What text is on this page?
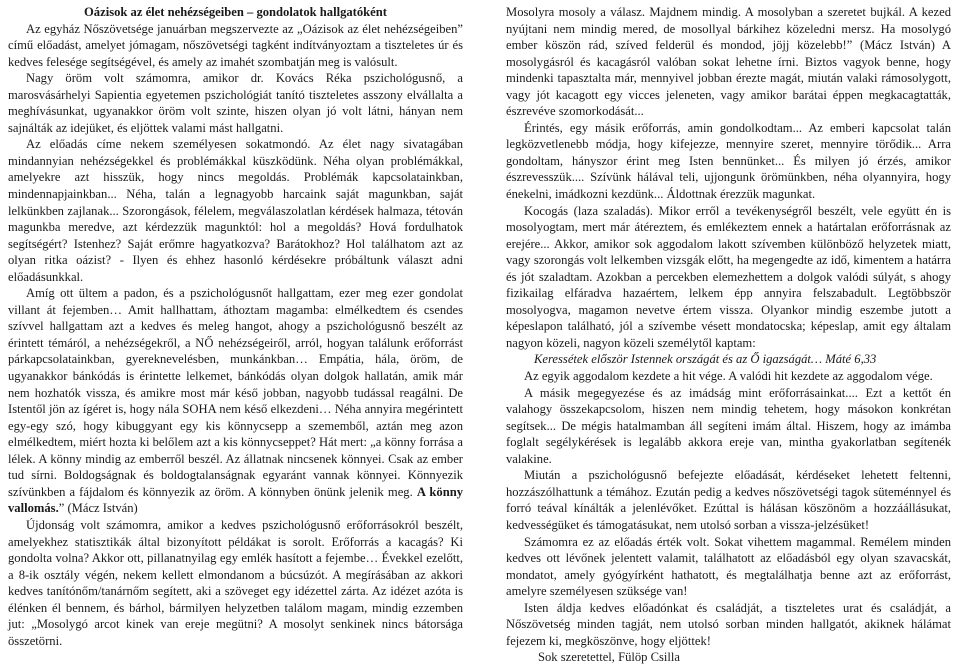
Oázisok az élet nehézségeiben – gondolatok hallgatóként

Az egyház Nőszövetsége januárban megszervezte az „Oázisok az élet nehézségeiben” című előadást, amelyet jómagam, nőszövetségi tagként indítványoztam a tiszteletes úr és kedves felesége segítségével, és amely az imahét szombatján meg is valósult.

Nagy öröm volt számomra, amikor dr. Kovács Réka pszichológusnő, a marosvásárhelyi Sapientia egyetemen pszichológiát tanító tiszteletes asszony elvállalta a meghívásunkat, ugyanakkor öröm volt szinte, hiszen olyan jó volt látni, hányan nem sajnálták az idejüket, és eljöttek valami mást hallgatni.

Az előadás címe nekem személyesen sokatmondó. Az élet nagy sivatagában mindannyian nehézségekkel és problémákkal küszködünk. Néha olyan problémákkal, amelyekre azt hisszük, hogy nincs megoldás. Problémák kapcsolatainkban, mindennapjainkban... Néha, talán a legnagyobb harcaink saját magunkban, saját lelkünkben zajlanak... Szorongások, félelem, megválaszolatlan kérdések halmaza, tétován magunkba meredve, azt kérdezzük magunktól: hol a megoldás? Hová fordulhatok segítségért? Istenhez? Saját erőmre hagyatkozva? Barátokhoz? Hol találhatom azt az olyan ritka oázist? - Ilyen és ehhez hasonló kérdésekre próbáltunk választ adni előadásunkkal.

Amíg ott ültem a padon, és a pszichológusnőt hallgattam, ezer meg ezer gondolat villant át fejemben… Amit hallhattam, áthoztam magamba: elmélkedtem és csendes szívvel hallgattam azt a kedves és meleg hangot, ahogy a pszichológusnő beszélt az érintett témáról, a nehézségekről, a NŐ nehézségeiről, arról, hogyan találunk erőforrást párkapcsolatainkban, gyereknevelésben, munkánkban… Empátia, hála, öröm, de ugyanakkor bánkódás is érintette lelkemet, bánkódás olyan dolgok hallatán, amik már nem hozhatók vissza, és amikre most már késő jobban, nagyobb tudással reagálni. De Istentől jön az ígéret is, hogy nála SOHA nem késő elkezdeni… Néha annyira megérintett egy-egy szó, hogy kibuggyant egy kis könnycsepp a szememből, aztán meg azon elmélkedtem, miért hozta ki belőlem azt a kis könnycseppet? Hát mert: „a könny forrása a lélek. A könny mindig az emberről beszél. Az állatnak nincsenek könnyei. Csak az ember tud sírni. Boldogságnak és boldogtalanságnak egyaránt vannak könnyei. Könnyezik szívünkben a fájdalom és könnyezik az öröm. A könnyben önünk jelenik meg. A könny vallomás.” (Mácz István)

Újdonság volt számomra, amikor a kedves pszichológusnő erőforrásokról beszélt, amelyekhez statisztikák által bizonyított példákat is sorolt. Erőforrás a kacagás? Ki gondolta volna? Akkor ott, pillanatnyilag egy emlék hasított a fejembe… Évekkel ezelőtt, a 8-ik osztály végén, nekem kellett elmondanom a búcsúzót. A megírásában az akkori kedves tanítónőm/tanárnőm segített, aki a szöveget egy idézettel zárta. Az idézet azóta is élénken él bennem, és bárhol, bármilyen helyzetben találom magam, mindig ezzemben jut: „Mosolygó arcot kinek van ereje megütni? A mosolyt senkinek nincs bátorsága összetörni.

Mosolyra mosoly a válasz. Majdnem mindig. A mosolyban a szeretet bujkál. A kezed nyújtani nem mindig mered, de mosollyal bárkihez közeledni mersz. Ha mosolygó ember köszön rád, szíved felderül és mondod, jöjj közelebb!” (Mácz István) A mosolygásról és kacagásról valóban sokat lehetne írni. Biztos vagyok benne, hogy mindenki tapasztalta már, mennyivel jobban érezte magát, miután valaki rámosolygott, vagy jót kacagott egy vicces jeleneten, vagy amikor barátai éppen megkacagtatták, észrevéve szomorkodását...

Érintés, egy másik erőforrás, amin gondolkodtam... Az emberi kapcsolat talán legközvetlenebb módja, hogy kifejezze, mennyire szeret, mennyire törődik... Arra gondoltam, hányszor érint meg Isten bennünket... És milyen jó érzés, amikor észrevesszük.... Szívünk hálával teli, ujjongunk örömünkben, néha olyannyira, hogy énekelni, imádkozni kezdünk... Áldottnak érezzük magunkat.

Kocogás (laza szaladás). Mikor erről a tevékenységről beszélt, vele együtt én is mosolyogtam, mert már átéreztem, és emlékeztem ennek a határtalan erőforrásnak az erejére... Akkor, amikor sok aggodalom lakott szívemben különböző helyzetek miatt, vagy szorongás volt lelkemben vizsgák előtt, ha megengedte az idő, kimentem a határra és jót szaladtam. Azokban a percekben elemezhettem a dolgok valódi súlyát, s ahogy fizikailag elfáradva hazaértem, lelkem épp annyira felszabadult. Legtöbbször mosolyogva, magamon nevetve értem vissza. Olyankor mindig eszembe jutott a képeslapon található, jól a szívembe vésett mondatocska; képeslap, amit egy általam nagyon közeli, nagyon közeli személytől kaptam:

Keressétek először Istennek országát és az Ő igazságát… Máté 6,33

Az egyik aggodalom kezdete a hit vége. A valódi hit kezdete az aggodalom vége.

A másik megegyezése és az imádság mint erőforrásainkat.... Ezt a kettőt én valahogy összekapcsolom, hiszen nem mindig tehetem, hogy másokon konkrétan segítsek... De mégis hatalmamban áll segíteni imám által. Hiszem, hogy az imámba foglalt segélykérések is legalább akkora ereje van, mintha gyakorlatban segítenék valakine.

Miután a pszichológusnő befejezte előadását, kérdéseket lehetett feltenni, hozzászólhattunk a témához. Ezután pedig a kedves nőszövetségi tagok süteménnyel és forró teával kínálták a jelenlévőket. Ezúttal is hálásan köszönöm a hozzáállásukat, kedvességüket és támogatásukat, nem utolsó sorban a vissza-jelzésüket!

Számomra ez az előadás érték volt. Sokat vihettem magammal. Remélem minden kedves ott lévőnek jelentett valamit, találhatott az előadásból egy olyan szavacskát, mondatot, amely gyógyírként hathatott, és megtalálhatja benne azt az erőforrást, amelyre személyesen szüksége van!

Isten áldja kedves előadónkat és családját, a tiszteletes urat és családját, a Nőszövetség minden tagját, nem utolsó sorban minden hallgatót, akiknek hálámat fejezem ki, megköszönve, hogy eljöttek!

Sok szeretettel, Fülöp Csilla
